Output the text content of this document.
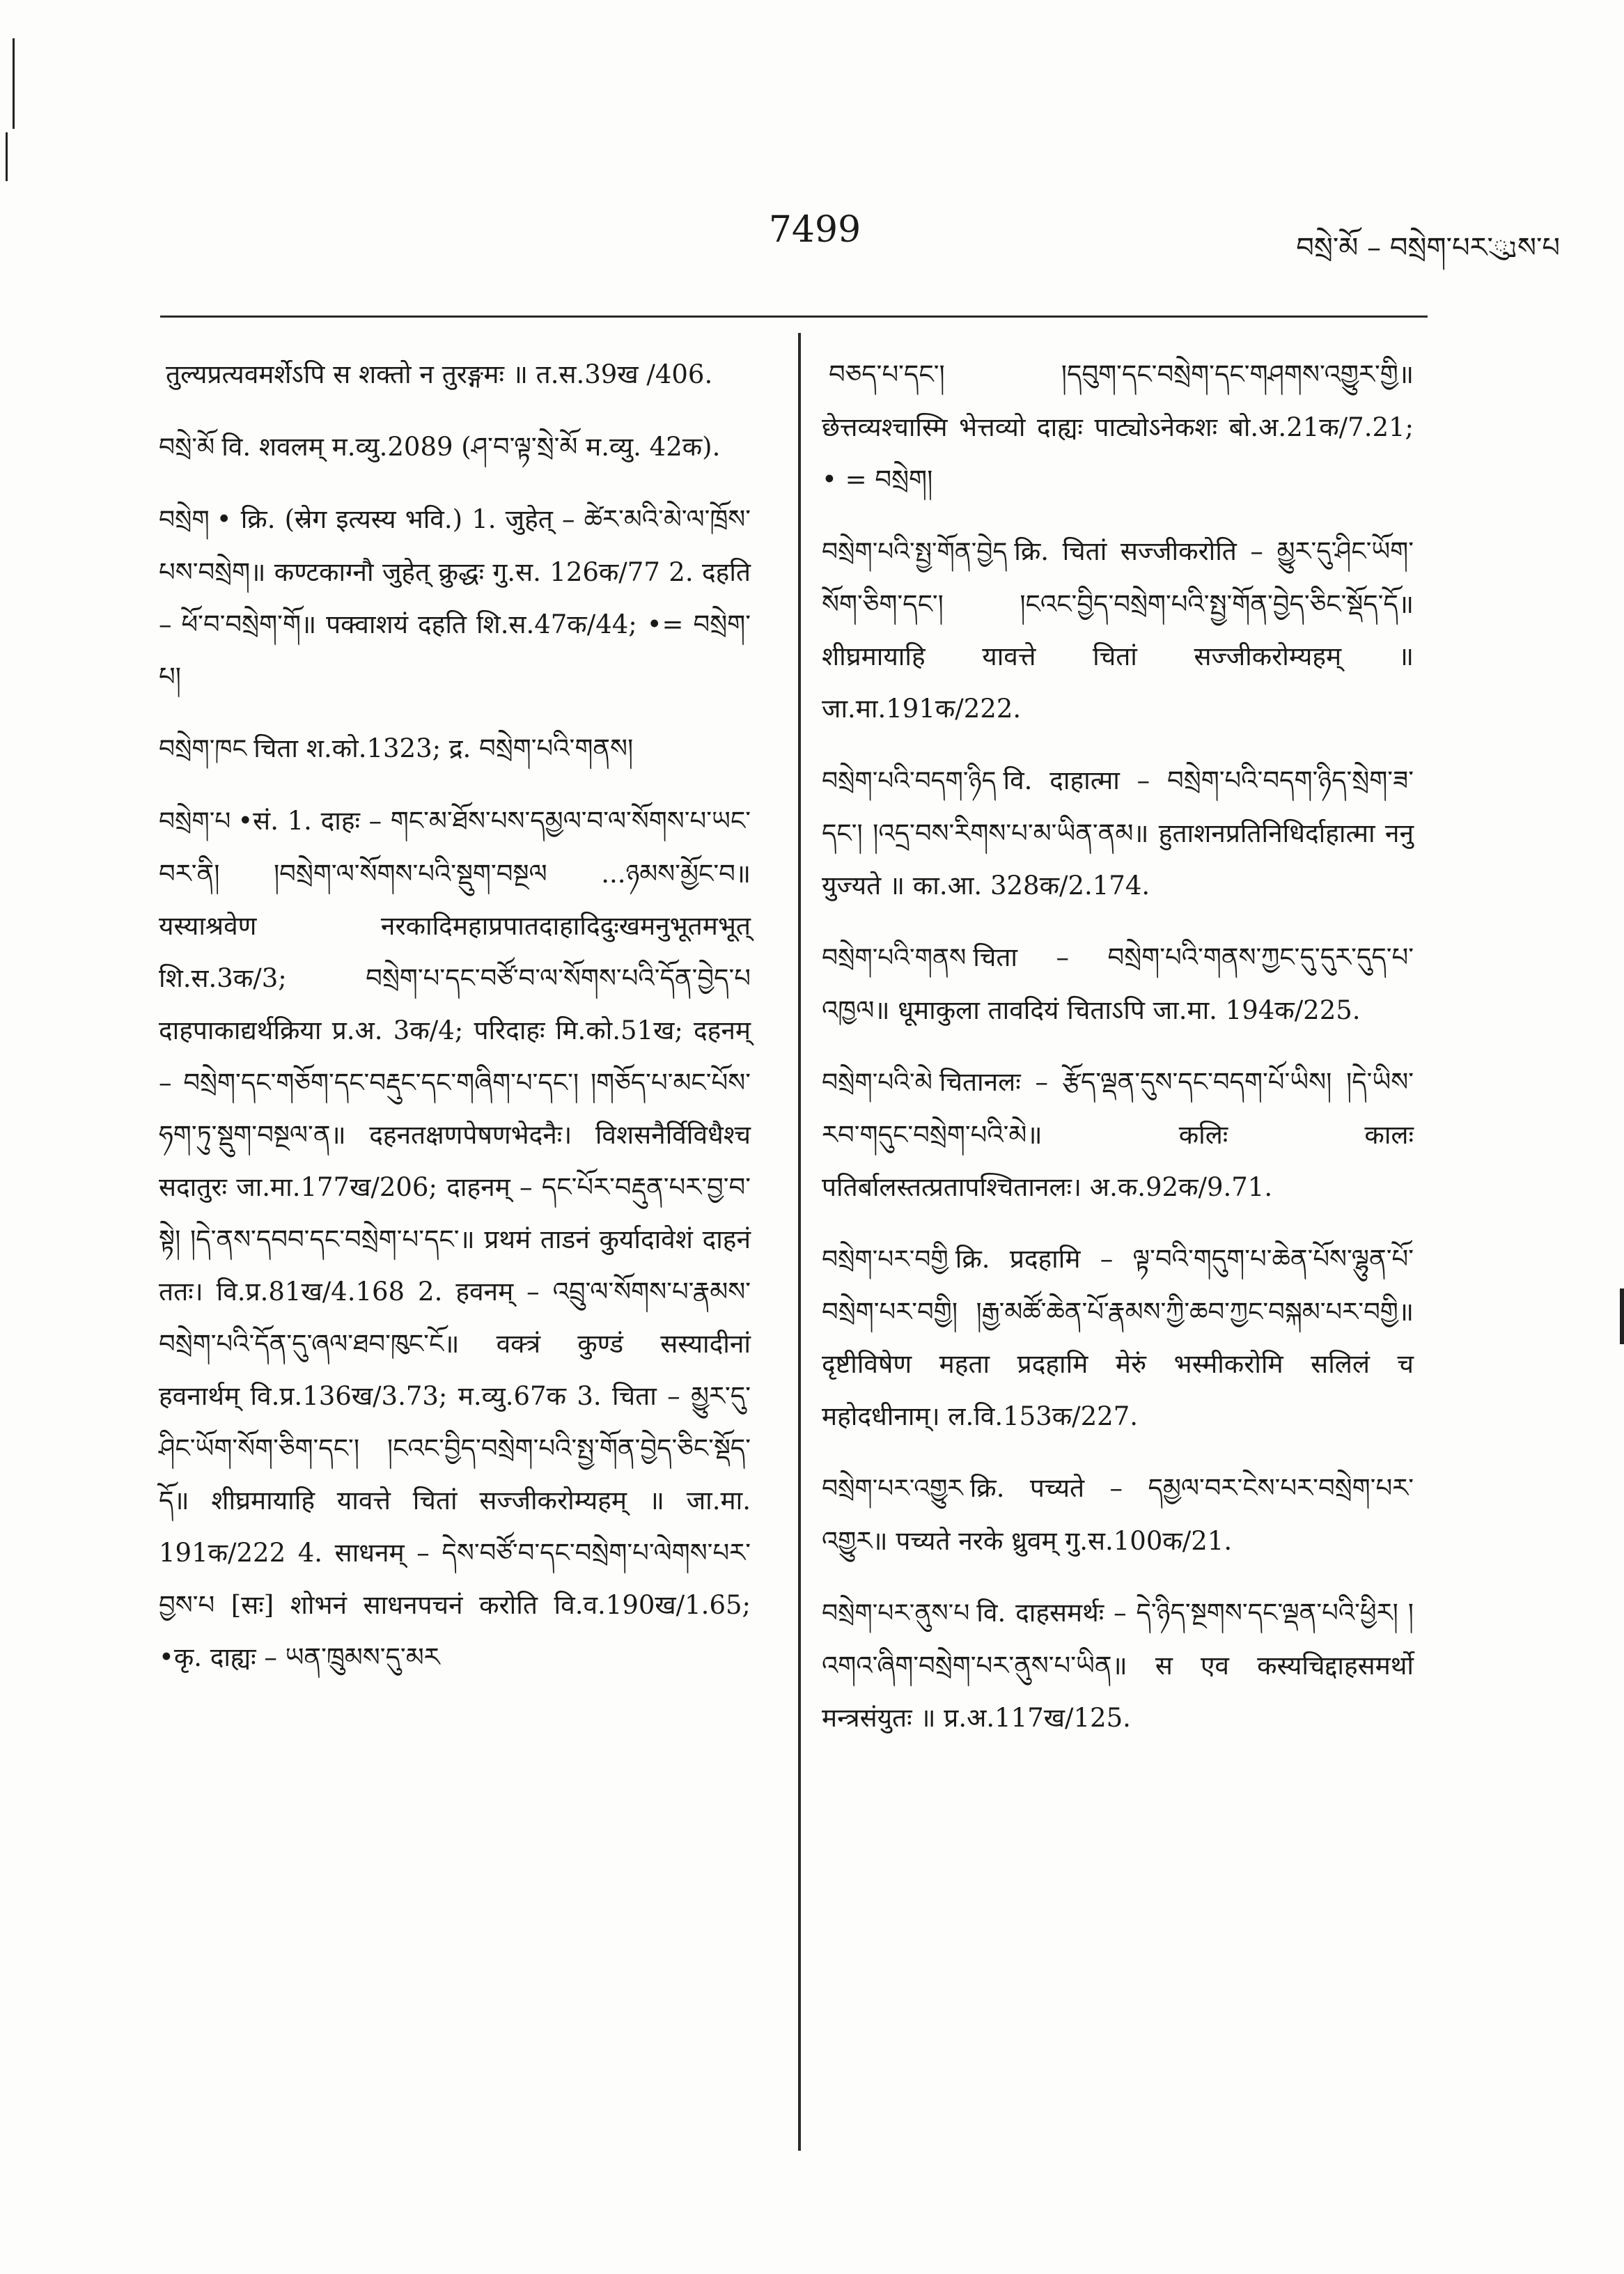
7499	བསྲེ་མོ – བསྲེག་པར་נུས་པ

तुल्यप्रत्यवमर्शेऽपि स शक्तो न तुरङ्गमः ॥ त.स.39ख /406.

བསྲེ་མོ वि. शवलम् म.व्यु.2089 (ཤ་བ་ལྟ་སྲེ་མོ म.व्यु. 42क).

བསྲེག • क्रि. (स्रेग इत्यस्य भवि.) 1. जुहेत् – ཚེར་མའི་མེ་ལ་ཁྲོས་པས་བསྲེག॥ कण्टकाग्नौ जुहेत् क्रुद्धः गु.स. 126क/77 2. दहति – ཕོ་བ་བསྲེག་གོ॥ पक्वाशयं दहति शि.स.47क/44; •= བསྲེག་པ།

བསྲེག་ཁང चिता श.को.1323; द्र. བསྲེག་པའི་གནས།

བསྲེག་པ •सं. 1. दाहः – གང་མ་ཐོས་པས་དམྱལ་བ་ལ་སོགས་པ་ཡང་བར་ནི། །བསྲེག་ལ་སོགས་པའི་སྡུག་བསྔལ ...ཉམས་མྱོང་བ॥ यस्याश्रवेण नरकादिमहाप्रपातदाहादिदुःखमनुभूतमभूत् शि.स.3क/3; བསྲེག་པ་དང་བཙོ་བ་ལ་སོགས་པའི་དོན་བྱེད་པ दाहपाकाद्यर्थक्रिया प्र.अ. 3क/4; परिदाहः मि.को.51ख; दहनम् – བསྲེག་དང་གཅོག་དང་བརྡུང་དང་གཞིག་པ་དང་། །གཅོད་པ་མང་པོས་ཧག་ཏུ་སྡུག་བསྔལ་ན॥ दहनतक्षणपेषणभेदनैः। विशसनैर्विविधैश्च सदातुरः जा.मा.177ख/206; दाहनम् – དང་པོར་བརྡུན་པར་བྱ་བ་སྟེ། །དེ་ནས་དབབ་དང་བསྲེག་པ་དང་॥ प्रथमं ताडनं कुर्यादावेशं दाहनं ततः। वि.प्र.81ख/4.168 2. हवनम् – འབྲུ་ལ་སོགས་པ་རྣམས་བསྲེག་པའི་དོན་དུ་ཞལ་ཐབ་ཁུང་ངོ॥ वक्त्रं कुण्डं सस्यादीनां हवनार्थम् वि.प्र.136ख/3.73; म.व्यु.67क 3. चिता – མྱུར་དུ་ཤིང་ཡོག་སོག་ཅིག་དང་། །ངའང་བྱིད་བསྲེག་པའི་སྤྱ་གོན་བྱེད་ཅིང་སྡོད་དོ॥ शीघ्रमायाहि यावत्ते चितां सज्जीकरोम्यहम् ॥ जा.मा. 191क/222 4. साधनम् – དེས་བཙོ་བ་དང་བསྲེག་པ་ལེགས་པར་བྱས་པ [सः] शोभनं साधनपचनं करोति वि.व.190ख/1.65; •कृ. दाह्यः – ཡན་ཁྲུམས་དུ་མར

བཅད་པ་དང་། །དབུག་དང་བསྲེག་དང་གཤགས་འགྱུར་གྱི॥ छेत्तव्यश्चास्मि भेत्तव्यो दाह्यः पाट्योऽनेकशः बो.अ.21क/7.21; • = བསྲེག།

བསྲེག་པའི་སྤྱ་གོན་བྱེད क्रि. चितां सज्जीकरोति – མྱུར་དུ་ཤིང་ཡོག་སོག་ཅིག་དང་། །ངའང་བྱིད་བསྲེག་པའི་སྤྱ་གོན་བྱེད་ཅིང་སྡོད་དོ॥ शीघ्रमायाहि यावत्ते चितां सज्जीकरोम्यहम् ॥ जा.मा.191क/222.

བསྲེག་པའི་བདག་ཉིད वि. दाहात्मा – བསྲེག་པའི་བདག་ཉིད་སྲེག་ཟ་དང་། །འདྲ་བས་རིགས་པ་མ་ཡིན་ནམ॥ हुताशनप्रतिनिधिर्दाहात्मा ननु युज्यते ॥ का.आ. 328क/2.174.

བསྲེག་པའི་གནས चिता – བསྲེག་པའི་གནས་ཀྱང་དུ་དུར་དུད་པ་འཁྱལ॥ धूमाकुला तावदियं चिताऽपि जा.मा. 194क/225.

བསྲེག་པའི་མེ चितानलः – རྩོད་ལྡན་དུས་དང་བདག་པོ་ཡིས། །དེ་ཡིས་རབ་གདུང་བསྲེག་པའི་མེ॥ कलिः कालः पतिर्बालस्तत्प्रतापश्चितानलः। अ.क.92क/9.71.

བསྲེག་པར་བགྱི क्रि. प्रदहामि – ལྟ་བའི་གདུག་པ་ཆེན་པོས་ལྷུན་པོ་བསྲེག་པར་བགྱི། །རྒྱ་མཚོ་ཆེན་པོ་རྣམས་ཀྱི་ཆབ་ཀྱང་བསྐམ་པར་བགྱི॥ दृष्टीविषेण महता प्रदहामि मेरुं भस्मीकरोमि सलिलं च महोदधीनाम्। ल.वि.153क/227.

བསྲེག་པར་འགྱུར क्रि. पच्यते – དམྱལ་བར་ངེས་པར་བསྲེག་པར་འགྱུར॥ पच्यते नरके ध्रुवम् गु.स.100क/21.

བསྲེག་པར་ནུས་པ वि. दाहसमर्थः – དེ་ཉིད་སྔགས་དང་ལྡན་པའི་ཕྱིར། །འགའ་ཞིག་བསྲེག་པར་ནུས་པ་ཡིན॥ स एव कस्यचिद्दाहसमर्थो मन्त्रसंयुतः ॥ प्र.अ.117ख/125.
